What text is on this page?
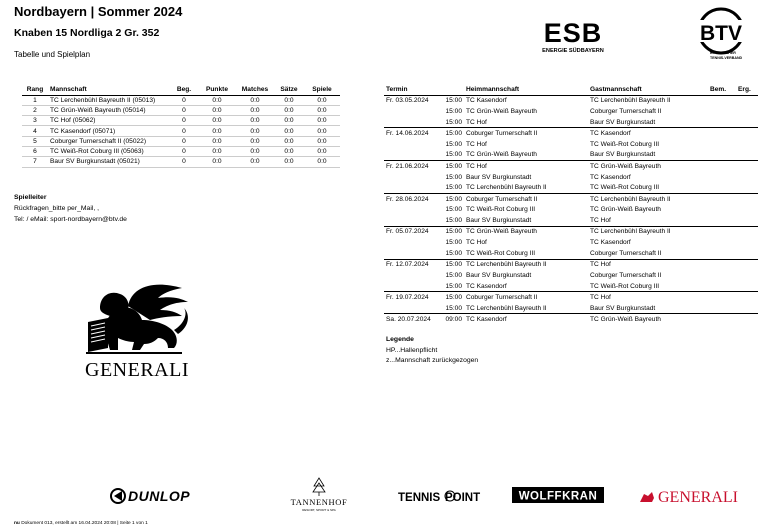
Nordbayern | Sommer 2024
Knaben 15 Nordliga 2 Gr. 352
Tabelle und Spielplan
ESB
ENERGIE SÜDBAYERN
BTV
BAYERISCHER
TENNIS-VERBAND
Rang	Mannschaft	Beg.	Punkte	Matches	Sätze	Spiele
1	TC Lerchenbühl Bayreuth II (05013)	0	0:0	0:0	0:0	0:0
2	TC Grün-Weiß Bayreuth (05014)	0	0:0	0:0	0:0	0:0
3	TC Hof (05062)	0	0:0	0:0	0:0	0:0
4	TC Kasendorf (05071)	0	0:0	0:0	0:0	0:0
5	Coburger Turnerschaft II (05022)	0	0:0	0:0	0:0	0:0
6	TC Weiß-Rot Coburg III (05063)	0	0:0	0:0	0:0	0:0
7	Baur SV Burgkunstadt (05021)	0	0:0	0:0	0:0	0:0
Spielleiter
Rückfragen_bitte per_Mail, ,
Tel: / eMail: sport-nordbayern@btv.de
Termin		Heimmannschaft	Gastmannschaft	Bem.	Erg.
Fr. 03.05.2024	15:00	TC Kasendorf	TC Lerchenbühl Bayreuth II		
	15:00	TC Grün-Weiß Bayreuth	Coburger Turnerschaft II		
	15:00	TC Hof	Baur SV Burgkunstadt		
Fr. 14.06.2024	15:00	Coburger Turnerschaft II	TC Kasendorf		
	15:00	TC Hof	TC Weiß-Rot Coburg III		
	15:00	TC Grün-Weiß Bayreuth	Baur SV Burgkunstadt		
Fr. 21.06.2024	15:00	TC Hof	TC Grün-Weiß Bayreuth		
	15:00	Baur SV Burgkunstadt	TC Kasendorf		
	15:00	TC Lerchenbühl Bayreuth II	TC Weiß-Rot Coburg III		
Fr. 28.06.2024	15:00	Coburger Turnerschaft II	TC Lerchenbühl Bayreuth II		
	15:00	TC Weiß-Rot Coburg III	TC Grün-Weiß Bayreuth		
	15:00	Baur SV Burgkunstadt	TC Hof		
Fr. 05.07.2024	15:00	TC Grün-Weiß Bayreuth	TC Lerchenbühl Bayreuth II		
	15:00	TC Hof	TC Kasendorf		
	15:00	TC Weiß-Rot Coburg III	Coburger Turnerschaft II		
Fr. 12.07.2024	15:00	TC Lerchenbühl Bayreuth II	TC Hof		
	15:00	Baur SV Burgkunstadt	Coburger Turnerschaft II		
	15:00	TC Kasendorf	TC Weiß-Rot Coburg III		
Fr. 19.07.2024	15:00	Coburger Turnerschaft II	TC Hof		
	15:00	TC Lerchenbühl Bayreuth II	Baur SV Burgkunstadt		
Sa. 20.07.2024	09:00	TC Kasendorf	TC Grün-Weiß Bayreuth		
Legende
HP...Hallenpflicht
z...Mannschaft zurückgezogen
GENERALI
DUNLOP	TANNENHOF
RESORT, SPORT & SPA
TENNIS POINT	WOLFFKRAN	GENERALI
nu Dokument 013, erstellt am 16.04.2024 20:08 | Seite 1 von 1
